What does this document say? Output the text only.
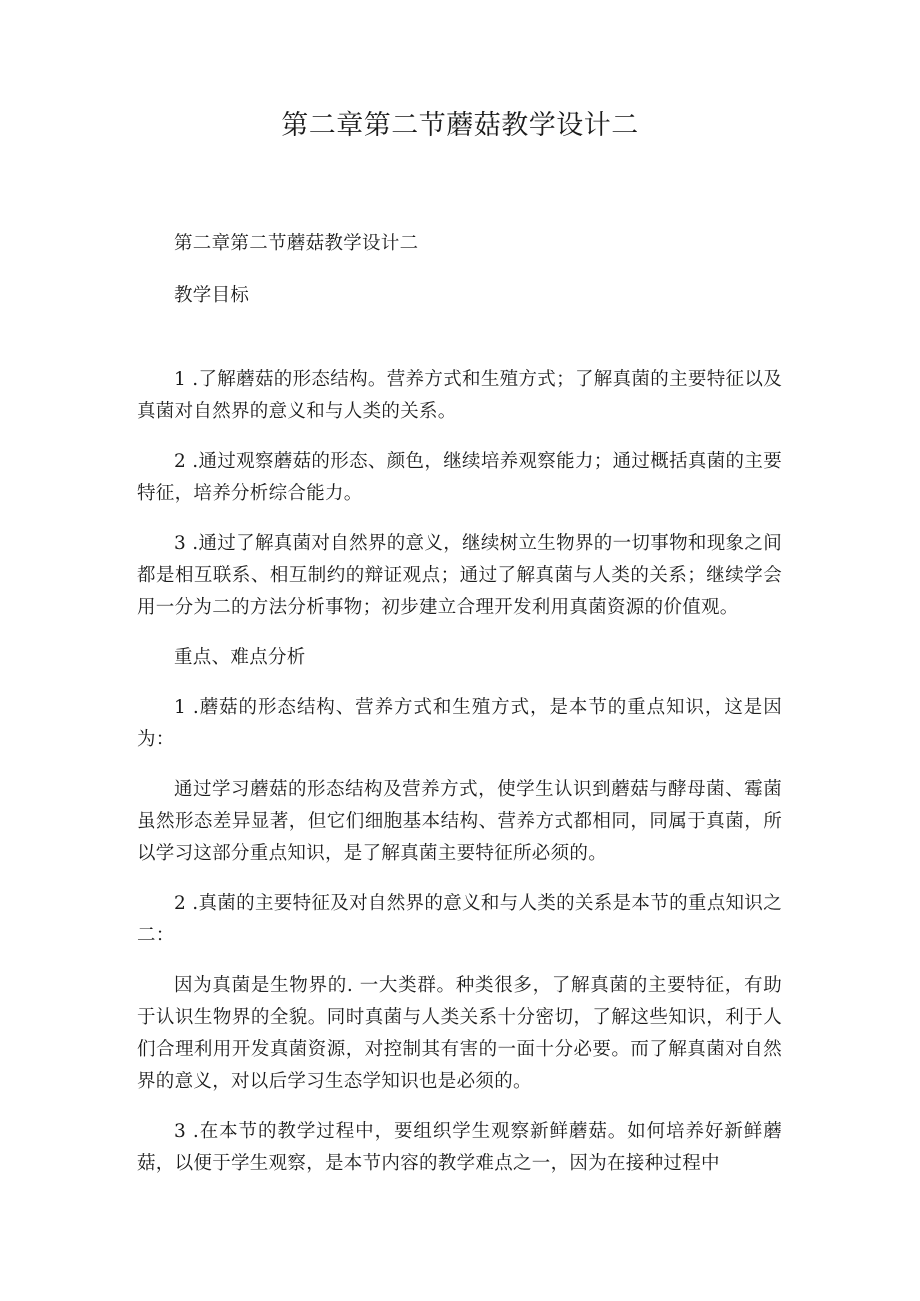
第二章第二节蘑菇教学设计二

第二章第二节蘑菇教学设计二

教学目标

1 .了解蘑菇的形态结构。营养方式和生殖方式；了解真菌的主要特征以及真菌对自然界的意义和与人类的关系。

2 .通过观察蘑菇的形态、颜色，继续培养观察能力；通过概括真菌的主要特征，培养分析综合能力。

3 .通过了解真菌对自然界的意义，继续树立生物界的一切事物和现象之间都是相互联系、相互制约的辩证观点；通过了解真菌与人类的关系；继续学会用一分为二的方法分析事物；初步建立合理开发利用真菌资源的价值观。

重点、难点分析

1 .蘑菇的形态结构、营养方式和生殖方式，是本节的重点知识，这是因为：

通过学习蘑菇的形态结构及营养方式，使学生认识到蘑菇与酵母菌、霉菌虽然形态差异显著，但它们细胞基本结构、营养方式都相同，同属于真菌，所以学习这部分重点知识，是了解真菌主要特征所必须的。

2 .真菌的主要特征及对自然界的意义和与人类的关系是本节的重点知识之二：

因为真菌是生物界的. 一大类群。种类很多，了解真菌的主要特征，有助于认识生物界的全貌。同时真菌与人类关系十分密切，了解这些知识，利于人们合理利用开发真菌资源，对控制其有害的一面十分必要。而了解真菌对自然界的意义，对以后学习生态学知识也是必须的。

3 .在本节的教学过程中，要组织学生观察新鲜蘑菇。如何培养好新鲜蘑菇，以便于学生观察，是本节内容的教学难点之一，因为在接种过程中
